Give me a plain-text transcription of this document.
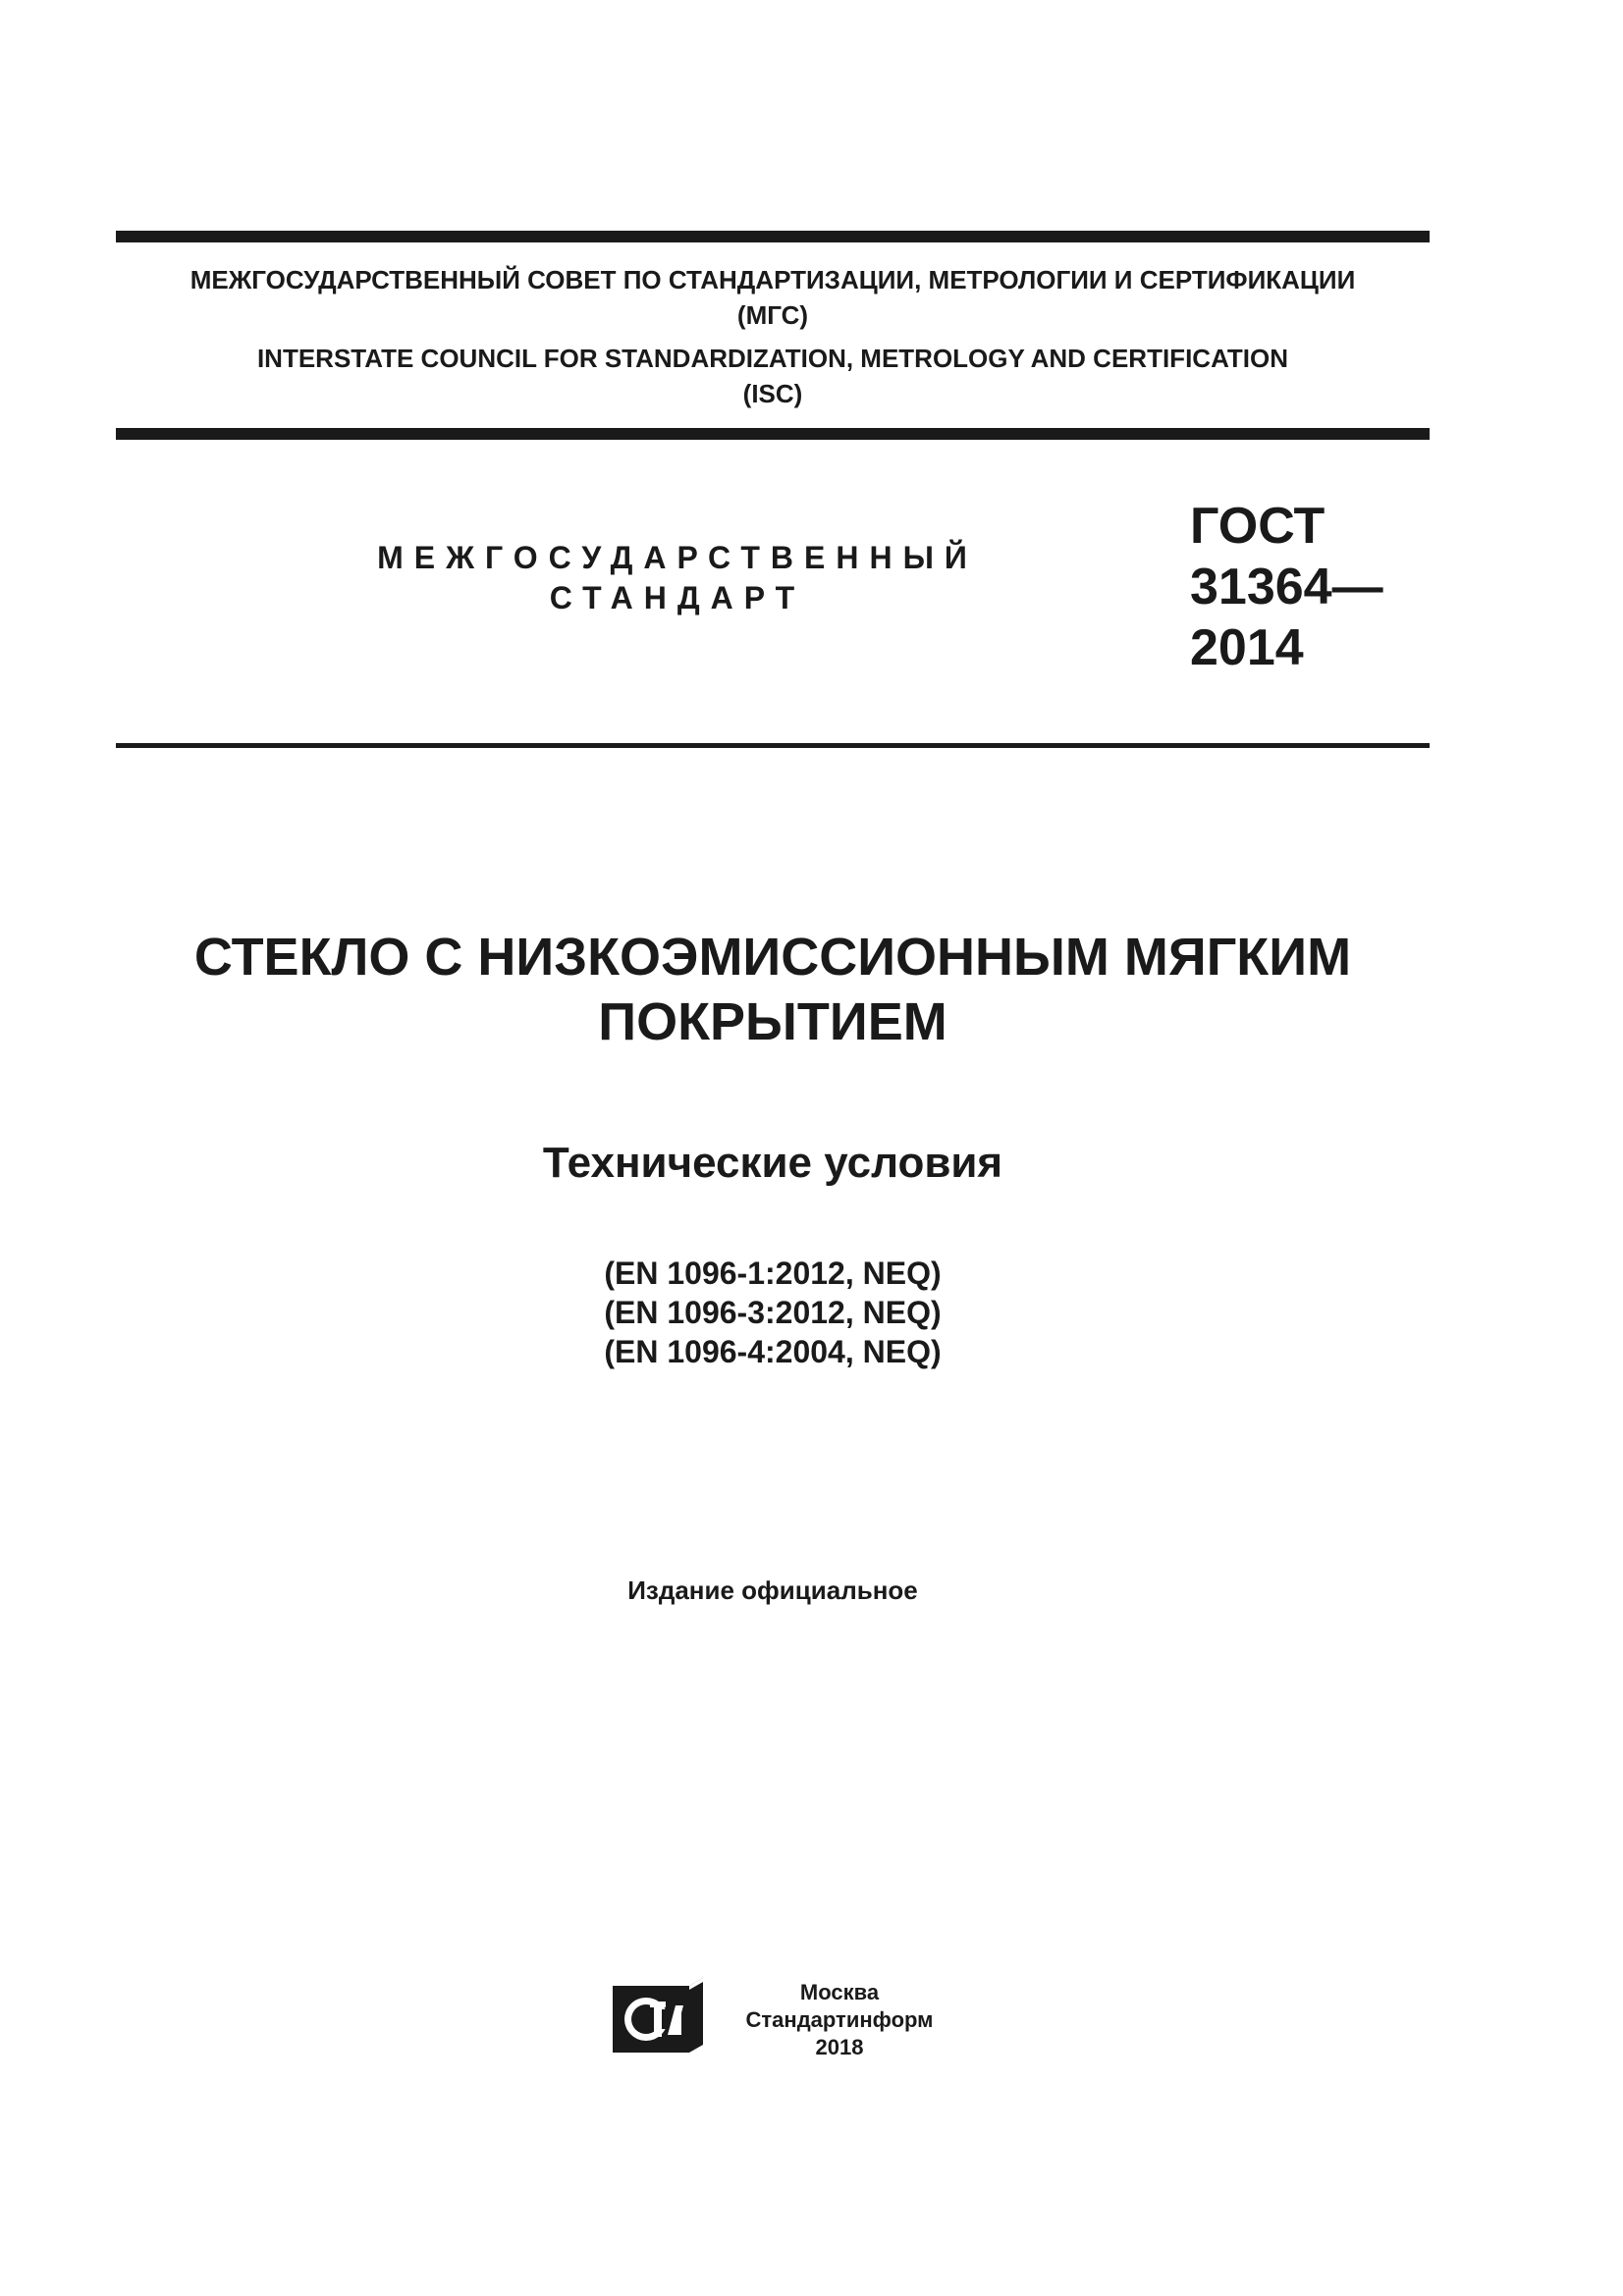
МЕЖГОСУДАРСТВЕННЫЙ СОВЕТ ПО СТАНДАРТИЗАЦИИ, МЕТРОЛОГИИ И СЕРТИФИКАЦИИ
(МГС)
INTERSTATE COUNCIL FOR STANDARDIZATION, METROLOGY AND CERTIFICATION
(ISC)
МЕЖГОСУДАРСТВЕННЫЙ
СТАНДАРТ
ГОСТ
31364—
2014
СТЕКЛО С НИЗКОЭМИССИОННЫМ МЯГКИМ
ПОКРЫТИЕМ
Технические условия
(EN 1096-1:2012, NEQ)
(EN 1096-3:2012, NEQ)
(EN 1096-4:2004, NEQ)
Издание официальное
Москва
Стандартинформ
2018
